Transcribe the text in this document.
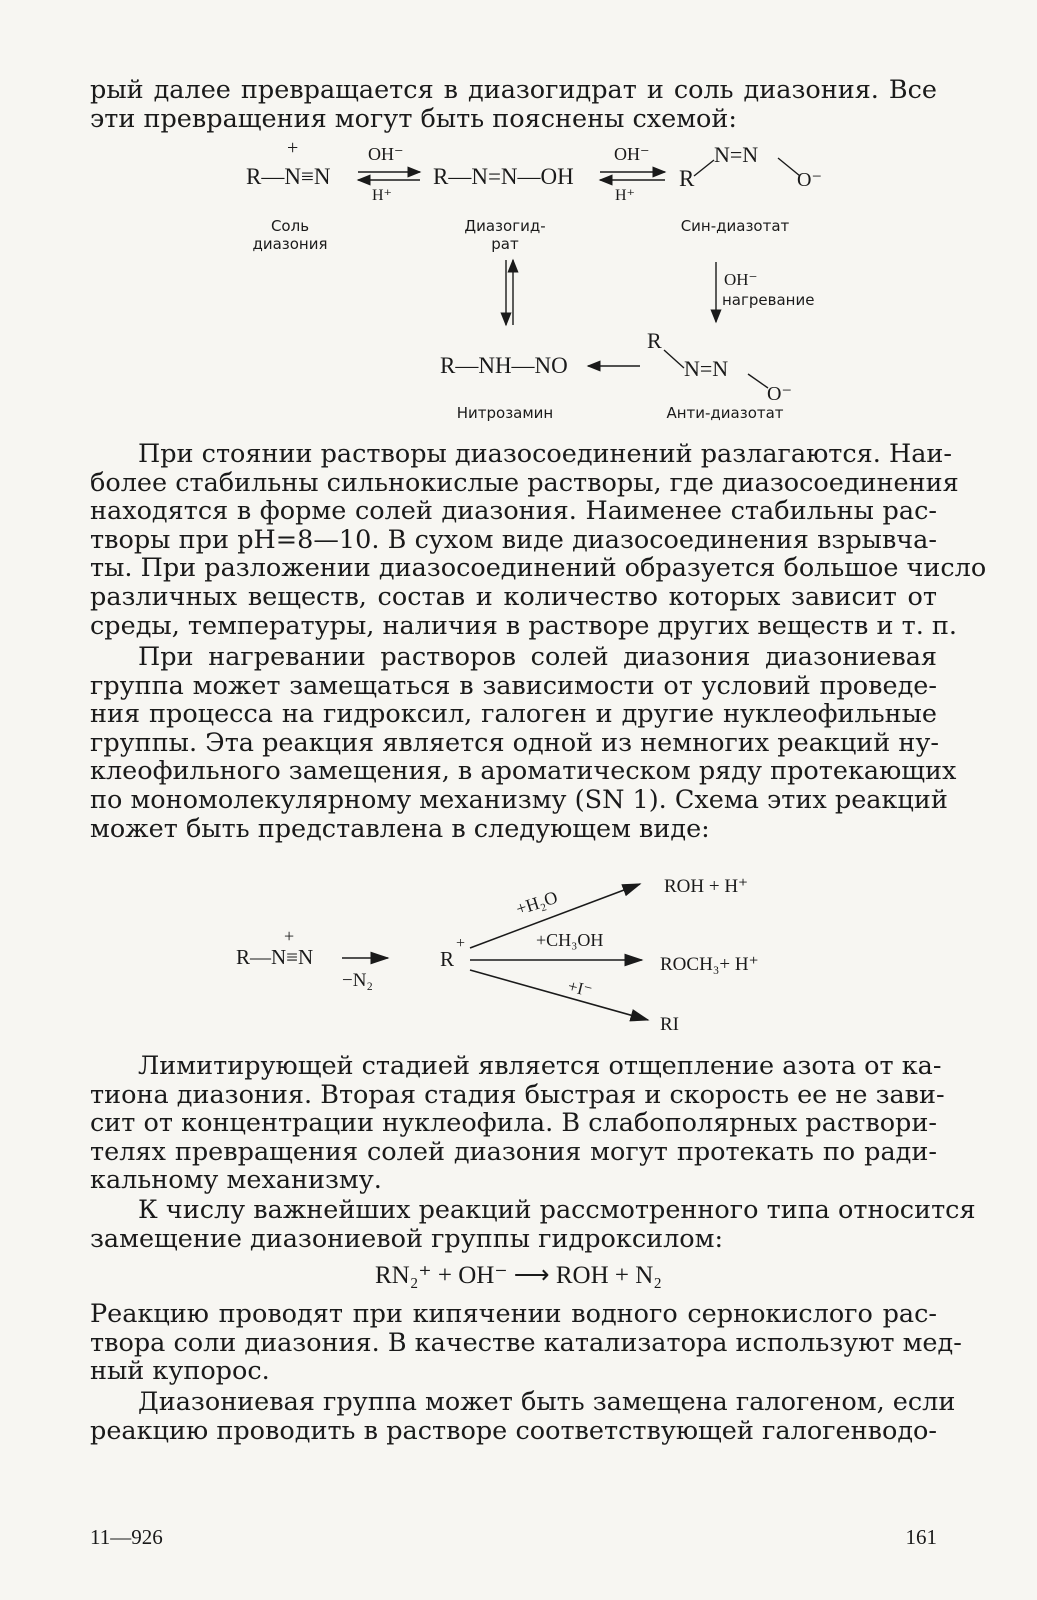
рый далее превращается в диазогидрат и соль диазония. Все
эти превращения могут быть пояснены схемой:
+
R—N≡N
OH⁻
H⁺
R—N=N—OH
OH⁻
H⁺
R
N=N
O⁻
OH⁻
R—NH—NO
R
N=N
O⁻
Соль
диазония
Диазогид-
рат
Син-диазотат
нагревание
Нитрозамин	Анти-диазотат
При стоянии растворы диазосоединений разлагаются. Наи-
более стабильны сильнокислые растворы, где диазосоединения
находятся в форме солей диазония. Наименее стабильны рас-
творы при pH=8—10. В сухом виде диазосоединения взрывча-
ты. При разложении диазосоединений образуется большое число
различных веществ, состав и количество которых зависит от
среды, температуры, наличия в растворе других веществ и т. п.
При нагревании растворов солей диазония диазониевая
группа может замещаться в зависимости от условий проведе-
ния процесса на гидроксил, галоген и другие нуклеофильные
группы. Эта реакция является одной из немногих реакций ну-
клеофильного замещения, в ароматическом ряду протекающих
по мономолекулярному механизму (SN 1). Схема этих реакций
может быть представлена в следующем виде:
+
R—N≡N
−N₂
R
+
+H₂O
+CH₃OH
+I⁻
ROH + H⁺
ROCH₃+ H⁺
RI
Лимитирующей стадией является отщепление азота от ка-
тиона диазония. Вторая стадия быстрая и скорость ее не зави-
сит от концентрации нуклеофила. В слабополярных раствори-
телях превращения солей диазония могут протекать по ради-
кальному механизму.
К числу важнейших реакций рассмотренного типа относится
замещение диазониевой группы гидроксилом:
RN₂⁺ + OH⁻ ⟶ ROH + N₂
Реакцию проводят при кипячении водного сернокислого рас-
твора соли диазония. В качестве катализатора используют мед-
ный купорос.
Диазониевая группа может быть замещена галогеном, если
реакцию проводить в растворе соответствующей галогенводо-
11—926	161
